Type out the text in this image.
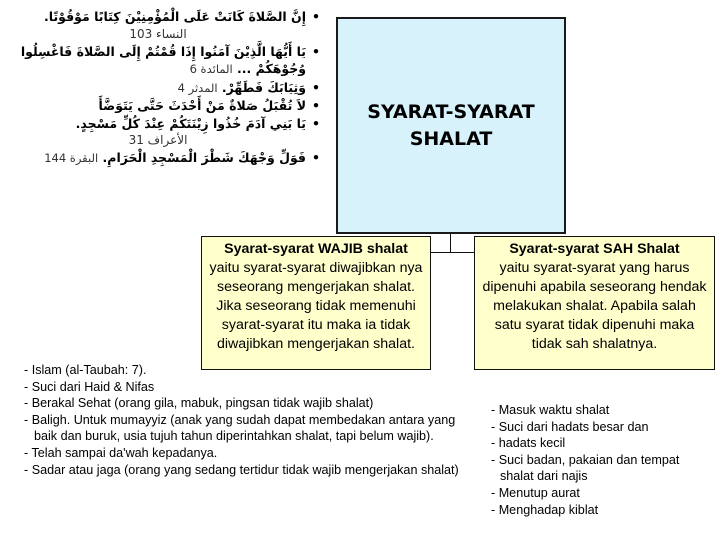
• إِنَّ الصَّلاةَ كَانَتْ عَلَى الْمُؤْمِنِيْنَ كِتَابًا مَوْقُوْتًا.
النساء 103
• يَا أَيُّهَا الَّذِيْنَ آمَنُوا إِذَا قُمْتُمْ إِلَى الصَّلاةَ فَاغْسِلُوا وُجُوْهَكُمْ ... المائدة 6
• وَثِيَابَكَ فَطَهِّرْ. المدثر 4
• لاَ تُقْبَلُ صَلاةٌ مَنْ أَحْدَثَ حَتَّى يَتَوَضَّأَ
• يَا بَنِي آدَمَ خُذُوا زِيْنَتَكُمْ عِنْدَ كُلِّ مَسْجِدٍ.
الأعراف 31
• فَوَلِّ وَجْهَكَ شَطْرَ الْمَسْجِدِ الْحَرَامِ. البقرة 144
SYARAT-SYARAT
SHALAT
Syarat-syarat WAJIB shalat
yaitu syarat-syarat diwajibkan nya seseorang mengerjakan shalat. Jika seseorang tidak memenuhi syarat-syarat itu maka ia tidak diwajibkan mengerjakan shalat.
Syarat-syarat SAH Shalat
yaitu syarat-syarat yang harus dipenuhi apabila seseorang hendak melakukan shalat. Apabila salah satu syarat tidak dipenuhi maka tidak sah shalatnya.
- Islam (al-Taubah: 7).
- Suci dari Haid & Nifas
- Berakal Sehat (orang gila, mabuk, pingsan tidak wajib shalat)
- Baligh. Untuk mumayyiz (anak yang sudah dapat membedakan antara yang baik dan buruk, usia tujuh tahun diperintahkan shalat, tapi belum wajib).
- Telah sampai da'wah kepadanya.
- Sadar atau jaga (orang yang sedang tertidur tidak wajib mengerjakan shalat)
- Masuk waktu shalat
- Suci dari hadats besar dan
- hadats kecil
- Suci badan, pakaian dan tempat shalat dari najis
- Menutup aurat
- Menghadap kiblat
